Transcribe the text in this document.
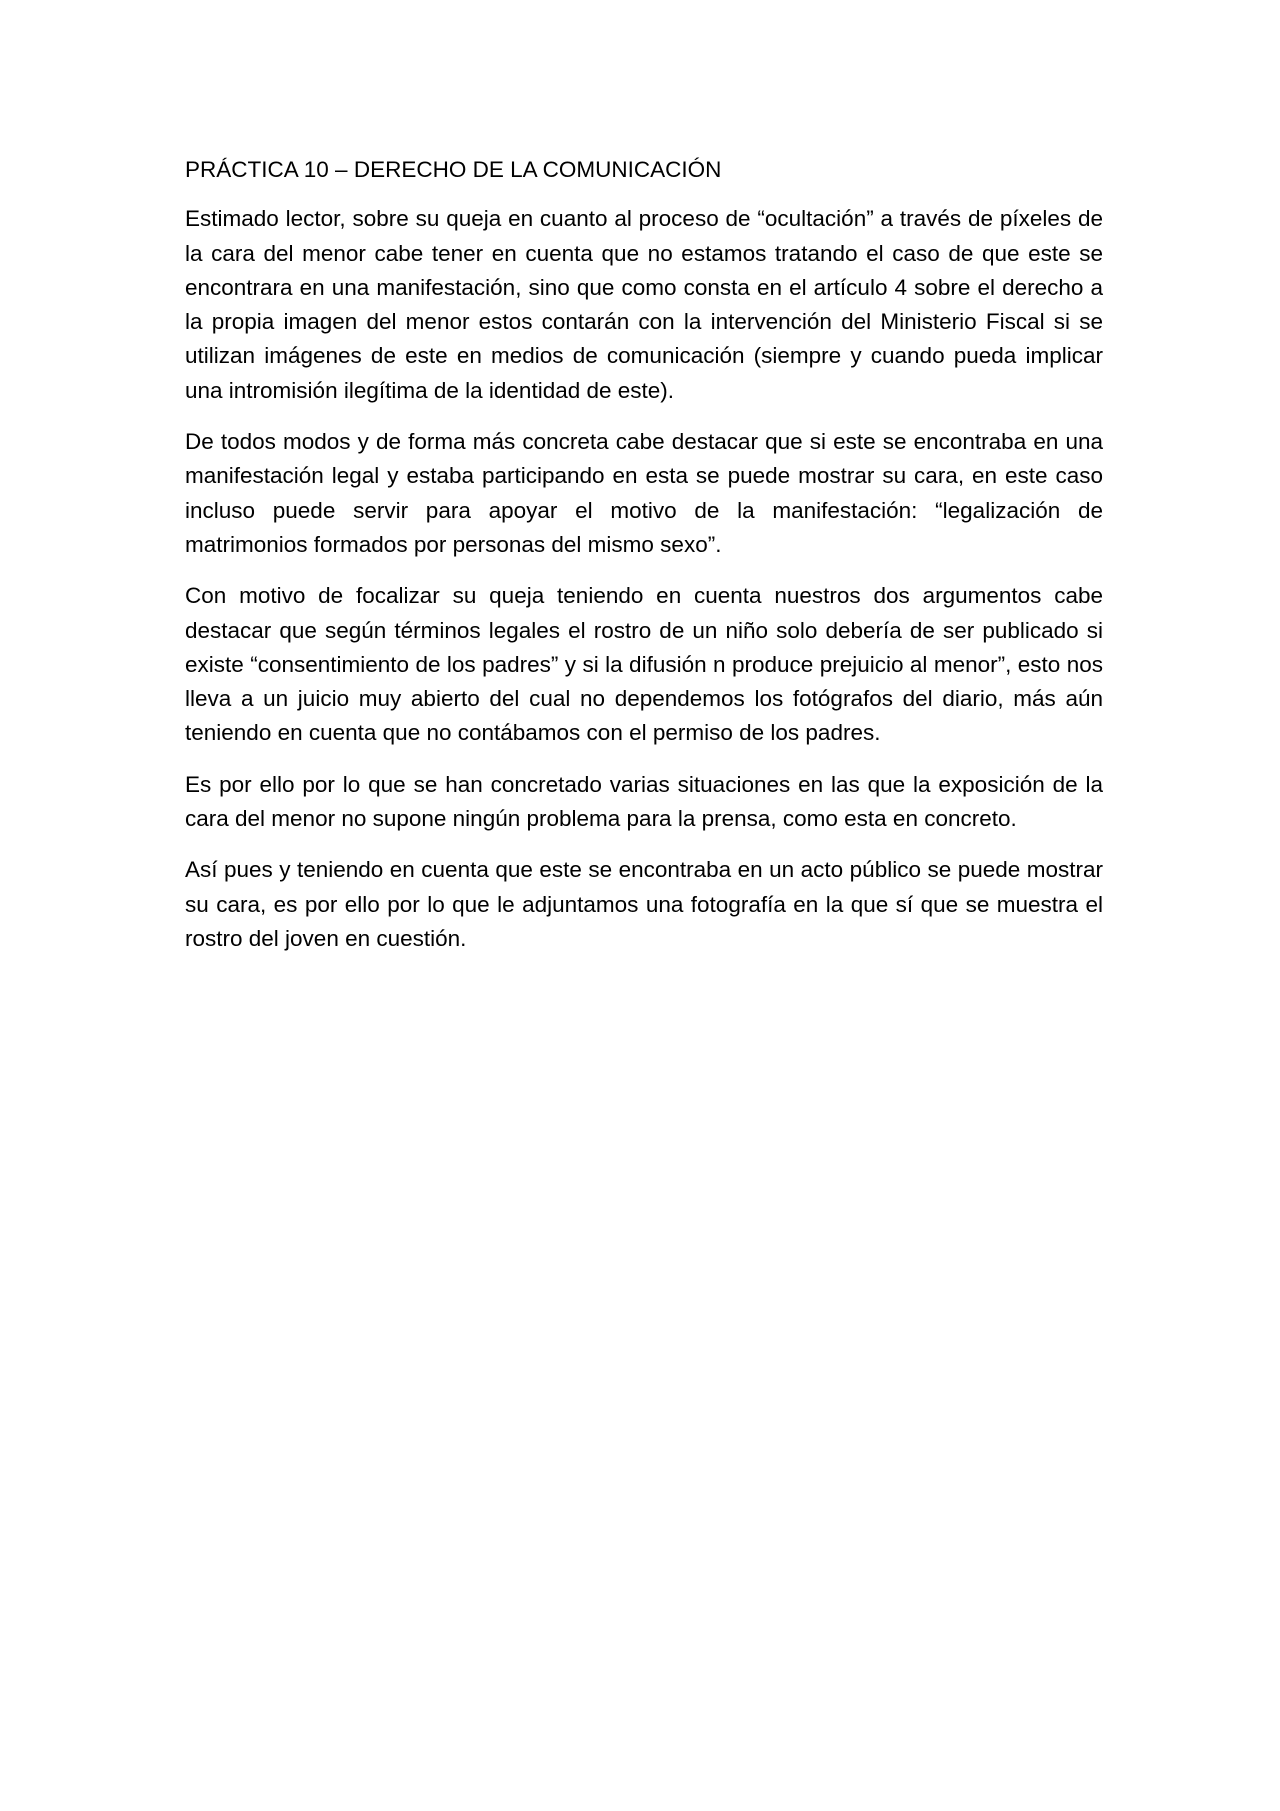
PRÁCTICA 10 – DERECHO DE LA COMUNICACIÓN

Estimado lector, sobre su queja en cuanto al proceso de “ocultación” a través de píxeles de la cara del menor cabe tener en cuenta que no estamos tratando el caso de que este se encontrara en una manifestación, sino que como consta en el artículo 4 sobre el derecho a la propia imagen del menor estos contarán con la intervención del Ministerio Fiscal si se utilizan imágenes de este en medios de comunicación (siempre y cuando pueda implicar una intromisión ilegítima de la identidad de este).

De todos modos y de forma más concreta cabe destacar que si este se encontraba en una manifestación legal y estaba participando en esta se puede mostrar su cara, en este caso incluso puede servir para apoyar el motivo de la manifestación: “legalización de matrimonios formados por personas del mismo sexo”.

Con motivo de focalizar su queja teniendo en cuenta nuestros dos argumentos cabe destacar que según términos legales el rostro de un niño solo debería de ser publicado si existe “consentimiento de los padres” y si la difusión n produce prejuicio al menor”, esto nos lleva a un juicio muy abierto del cual no dependemos los fotógrafos del diario, más aún teniendo en cuenta que no contábamos con el permiso de los padres.

Es por ello por lo que se han concretado varias situaciones en las que la exposición de la cara del menor no supone ningún problema para la prensa, como esta en concreto.

Así pues y teniendo en cuenta que este se encontraba en un acto público se puede mostrar su cara, es por ello por lo que le adjuntamos una fotografía en la que sí que se muestra el rostro del joven en cuestión.
